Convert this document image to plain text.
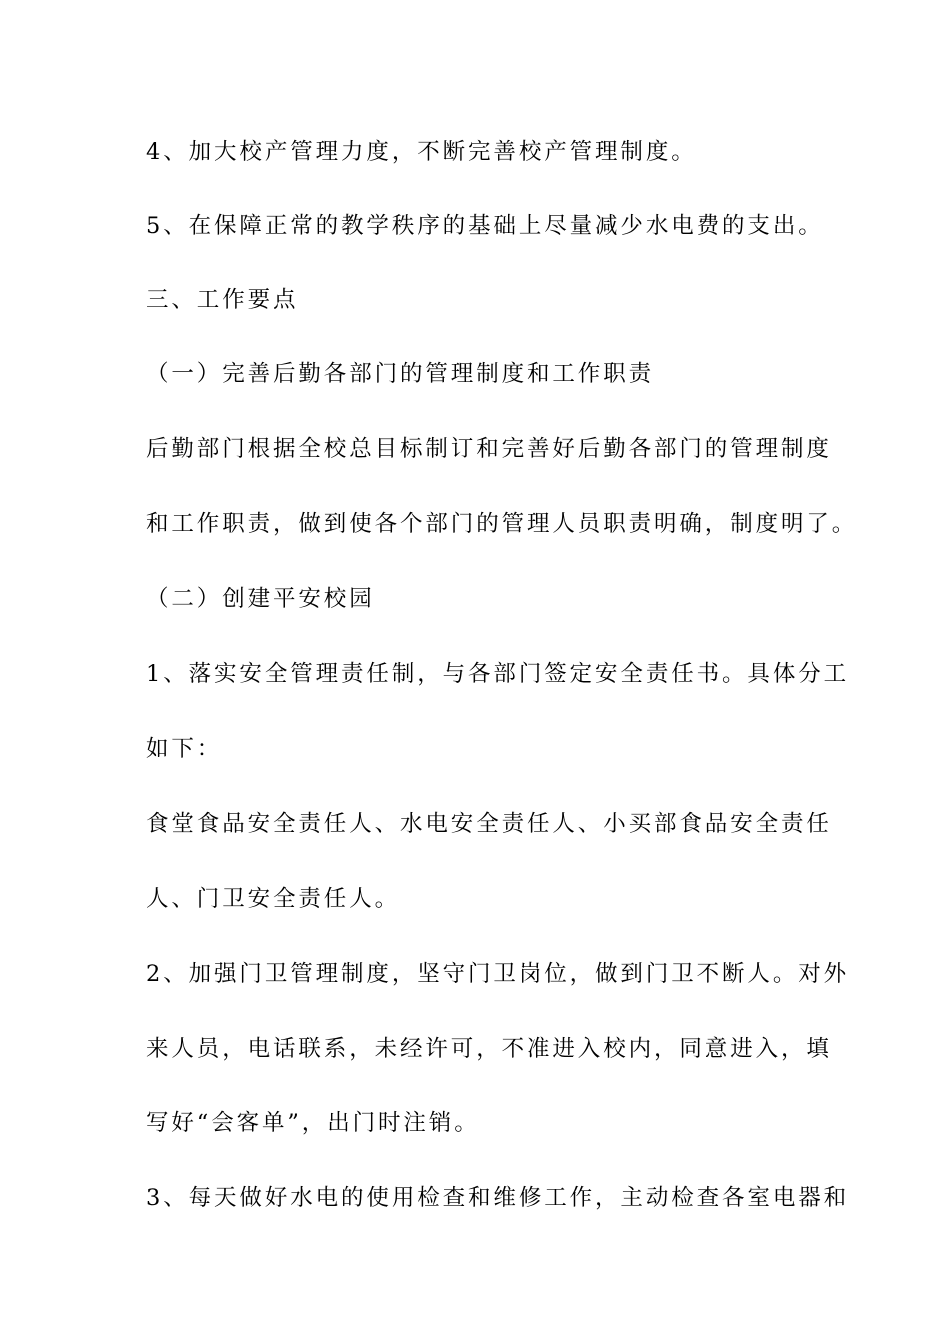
4、加大校产管理力度，不断完善校产管理制度。
5、在保障正常的教学秩序的基础上尽量减少水电费的支出。
三、工作要点
（一）完善后勤各部门的管理制度和工作职责
后勤部门根据全校总目标制订和完善好后勤各部门的管理制度
和工作职责，做到使各个部门的管理人员职责明确，制度明了。
（二）创建平安校园
1、落实安全管理责任制，与各部门签定安全责任书。具体分工
如下：
食堂食品安全责任人、水电安全责任人、小买部食品安全责任
人、门卫安全责任人。
2、加强门卫管理制度，坚守门卫岗位，做到门卫不断人。对外
来人员，电话联系，未经许可，不准进入校内，同意进入，填
写好“会客单”，出门时注销。
3、每天做好水电的使用检查和维修工作，主动检查各室电器和
